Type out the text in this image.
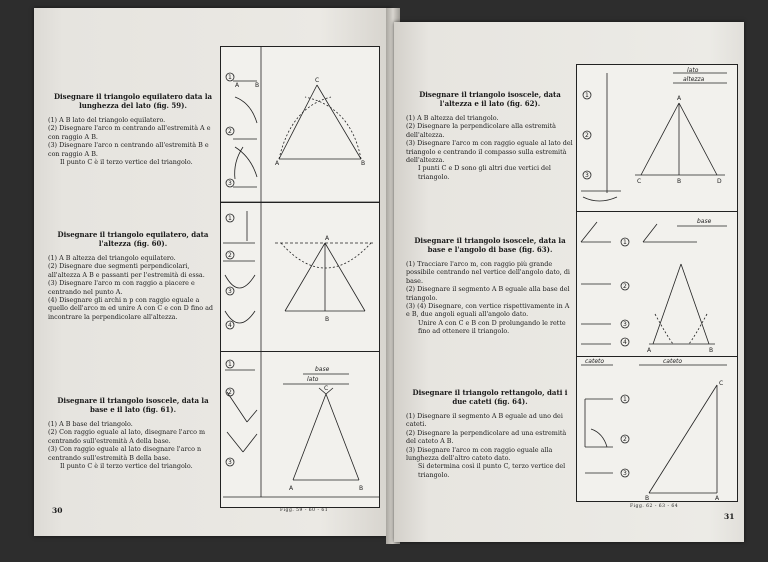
Disegnare il triangolo equilatero data la lunghezza del lato (fig. 59).

(1) A B lato del triangolo equilatero.

(2) Disegnare l'arco m centrando all'estremità A e con raggio A B.

(3) Disegnare l'arco n centrando all'estremità B e con raggio A B.

Il punto C è il terzo vertice del triangolo.

Disegnare il triangolo equilatero, data l'altezza (fig. 60).

(1) A B altezza del triangolo equilatero.

(2) Disegnare due segmenti perpendicolari, all'altezza A B e passanti per l'estremità di essa.

(3) Disegnare l'arco m con raggio a piacere e centrando nel punto A.

(4) Disegnare gli archi n p con raggio eguale a quello dell'arco m ed unire A con C e con D fino ad incontrare la perpendicolare all'altezza.

Disegnare il triangolo isoscele, data la base e il lato (fig. 61).

(1) A B base del triangolo.

(2) Con raggio eguale al lato, disegnare l'arco m centrando sull'estremità A della base.

(3) Con raggio eguale al lato disegnare l'arco n centrando sull'estremità B della base.

Il punto C è il terzo vertice del triangolo.

1
2
3
A	B
C
A	B
1
2
3
4
A
B
1
2
3
C
A	B
base
lato
30	Figg. 59 - 60 - 61
Disegnare il triangolo isoscele, data l'altezza e il lato (fig. 62).

(1) A B altezza del triangolo.

(2) Disegnare la perpendicolare alla estremità dell'altezza.

(3) Disegnare l'arco m con raggio eguale al lato del triangolo e centrando il compasso sulla estremità dell'altezza.

I punti C e D sono gli altri due vertici del triangolo.

Disegnare il triangolo isoscele, data la base e l'angolo di base (fig. 63).

(1) Tracciare l'arco m, con raggio più grande possibile centrando nel vertice dell'angolo dato, di base.

(2) Disegnare il segmento A B eguale alla base del triangolo.

(3) (4) Disegnare, con vertice rispettivamente in A e B, due angoli eguali all'angolo dato.

Unire A con C e B con D prolungando le rette fino ad ottenere il triangolo.

Disegnare il triangolo rettangolo, dati i due cateti (fig. 64).

(1) Disegnare il segmento A B eguale ad uno dei cateti.

(2) Disegnare la perpendicolare ad una estremità del cateto A B.

(3) Disegnare l'arco m con raggio eguale alla lunghezza dell'altro cateto dato.

Si determina così il punto C, terzo vertice del triangolo.

1
2
3
A
C	B	D
lato
altezza
1
2
3
4
A	B
base
1
2
3
C
B	A
cateto	cateto
Figg. 62 - 63 - 64
31
